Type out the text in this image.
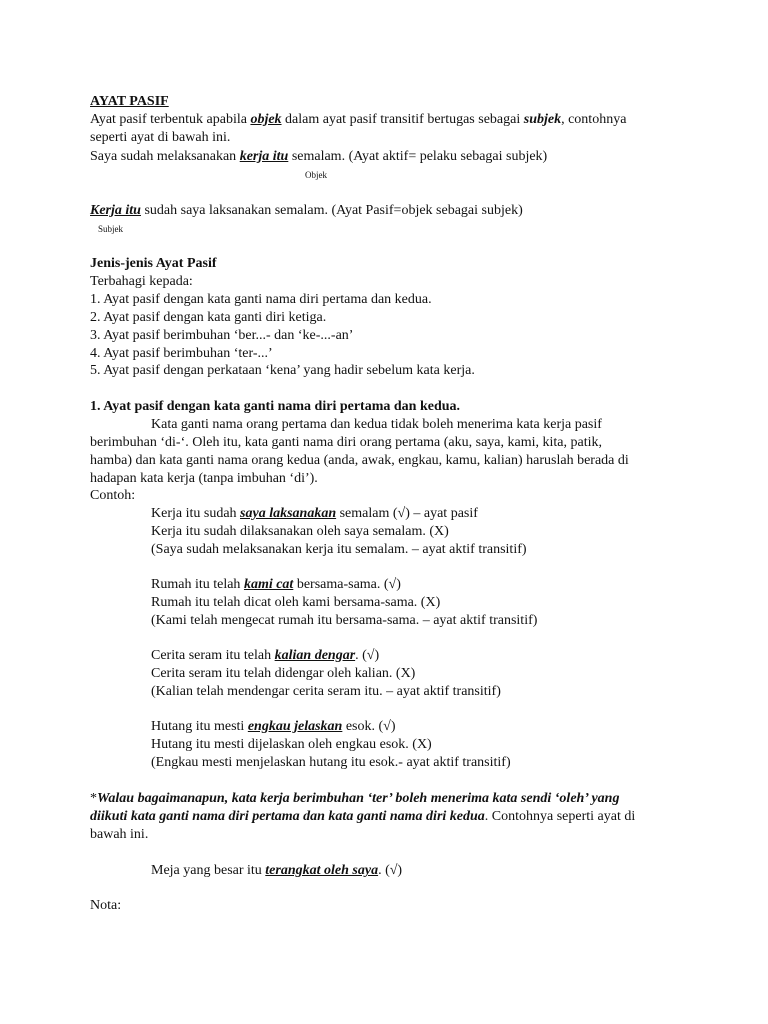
AYAT PASIF
Ayat pasif terbentuk apabila objek dalam ayat pasif transitif bertugas sebagai subjek, contohnya
seperti ayat di bawah ini.
Saya sudah melaksanakan kerja itu semalam. (Ayat aktif= pelaku sebagai subjek)
Objek
Kerja itu sudah saya laksanakan semalam. (Ayat Pasif=objek sebagai subjek)
Subjek
Jenis-jenis Ayat Pasif
Terbahagi kepada:
1. Ayat pasif dengan kata ganti nama diri pertama dan kedua.
2. Ayat pasif dengan kata ganti diri ketiga.
3. Ayat pasif berimbuhan ‘ber...- dan ‘ke-...-an’
4. Ayat pasif berimbuhan ‘ter-...’
5. Ayat pasif dengan perkataan ‘kena’ yang hadir sebelum kata kerja.
1. Ayat pasif dengan kata ganti nama diri pertama dan kedua.
Kata ganti nama orang pertama dan kedua tidak boleh menerima kata kerja pasif
berimbuhan ‘di-‘. Oleh itu, kata ganti nama diri orang pertama (aku, saya, kami, kita, patik,
hamba) dan kata ganti nama orang kedua (anda, awak, engkau, kamu, kalian) haruslah berada di
hadapan kata kerja (tanpa imbuhan ‘di’).
Contoh:
Kerja itu sudah saya laksanakan semalam (√) – ayat pasif
Kerja itu sudah dilaksanakan oleh saya semalam. (X)
(Saya sudah melaksanakan kerja itu semalam. – ayat aktif transitif)
Rumah itu telah kami cat bersama-sama. (√)
Rumah itu telah dicat oleh kami bersama-sama. (X)
(Kami telah mengecat rumah itu bersama-sama. – ayat aktif transitif)
Cerita seram itu telah kalian dengar. (√)
Cerita seram itu telah didengar oleh kalian. (X)
(Kalian telah mendengar cerita seram itu. – ayat aktif transitif)
Hutang itu mesti engkau jelaskan esok. (√)
Hutang itu mesti dijelaskan oleh engkau esok. (X)
(Engkau mesti menjelaskan hutang itu esok.- ayat aktif transitif)
*Walau bagaimanapun, kata kerja berimbuhan ‘ter’ boleh menerima kata sendi ‘oleh’ yang
diikuti kata ganti nama diri pertama dan kata ganti nama diri kedua. Contohnya seperti ayat di
bawah ini.
Meja yang besar itu terangkat oleh saya. (√)
Nota:
